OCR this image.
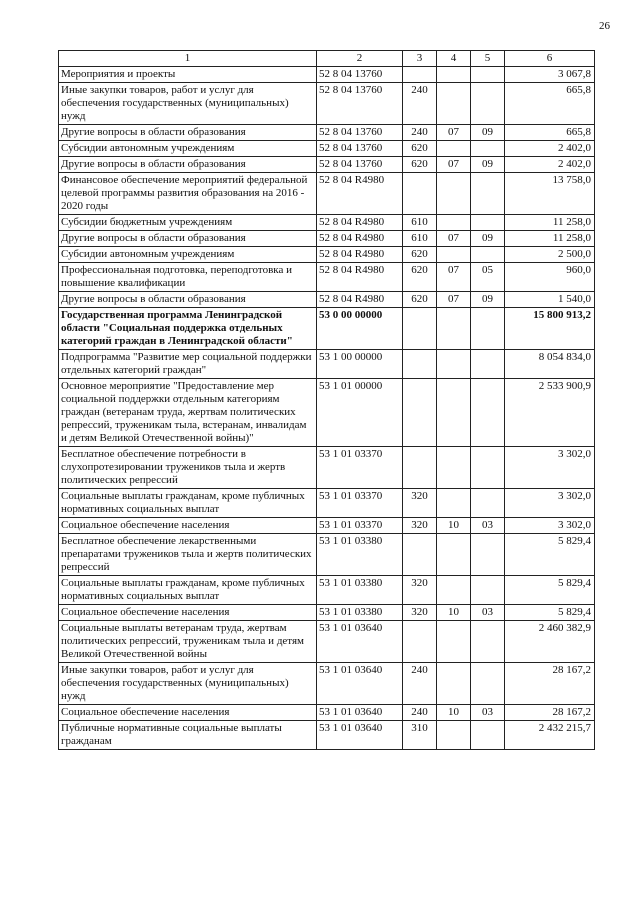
26
1	2	3	4	5	6
Мероприятия и проекты	52 8 04 13760				3 067,8
Иные закупки товаров, работ и услуг для обеспечения государственных (муниципальных) нужд	52 8 04 13760	240			665,8
Другие вопросы в области образования	52 8 04 13760	240	07	09	665,8
Субсидии автономным учреждениям	52 8 04 13760	620			2 402,0
Другие вопросы в области образования	52 8 04 13760	620	07	09	2 402,0
Финансовое обеспечение мероприятий федеральной целевой программы развития образования на 2016 - 2020 годы	52 8 04 R4980				13 758,0
Субсидии бюджетным учреждениям	52 8 04 R4980	610			11 258,0
Другие вопросы в области образования	52 8 04 R4980	610	07	09	11 258,0
Субсидии автономным учреждениям	52 8 04 R4980	620			2 500,0
Профессиональная подготовка, переподготовка и повышение квалификации	52 8 04 R4980	620	07	05	960,0
Другие вопросы в области образования	52 8 04 R4980	620	07	09	1 540,0
Государственная программа Ленинградской области "Социальная поддержка отдельных категорий граждан в Ленинградской области"	53 0 00 00000				15 800 913,2
Подпрограмма "Развитие мер социальной поддержки отдельных категорий граждан"	53 1 00 00000				8 054 834,0
Основное мероприятие "Предоставление мер социальной поддержки отдельным категориям граждан (ветеранам труда, жертвам политических репрессий, труженикам тыла, встеранам, инвалидам и детям Великой Отечественной войны)"	53 1 01 00000				2 533 900,9
Бесплатное обеспечение потребности в слухопротезировании тружеников тыла и жертв политических репрессий	53 1 01 03370				3 302,0
Социальные выплаты гражданам, кроме публичных нормативных социальных выплат	53 1 01 03370	320			3 302,0
Социальное обеспечение населения	53 1 01 03370	320	10	03	3 302,0
Бесплатное обеспечение лекарственными препаратами тружеников тыла и жертв политических репрессий	53 1 01 03380				5 829,4
Социальные выплаты гражданам, кроме публичных нормативных социальных выплат	53 1 01 03380	320			5 829,4
Социальное обеспечение населения	53 1 01 03380	320	10	03	5 829,4
Социальные выплаты ветеранам труда, жертвам политических репрессий, труженикам тыла и детям Великой Отечественной войны	53 1 01 03640				2 460 382,9
Иные закупки товаров, работ и услуг для обеспечения государственных (муниципальных) нужд	53 1 01 03640	240			28 167,2
Социальное обеспечение населения	53 1 01 03640	240	10	03	28 167,2
Публичные нормативные социальные выплаты гражданам	53 1 01 03640	310			2 432 215,7
